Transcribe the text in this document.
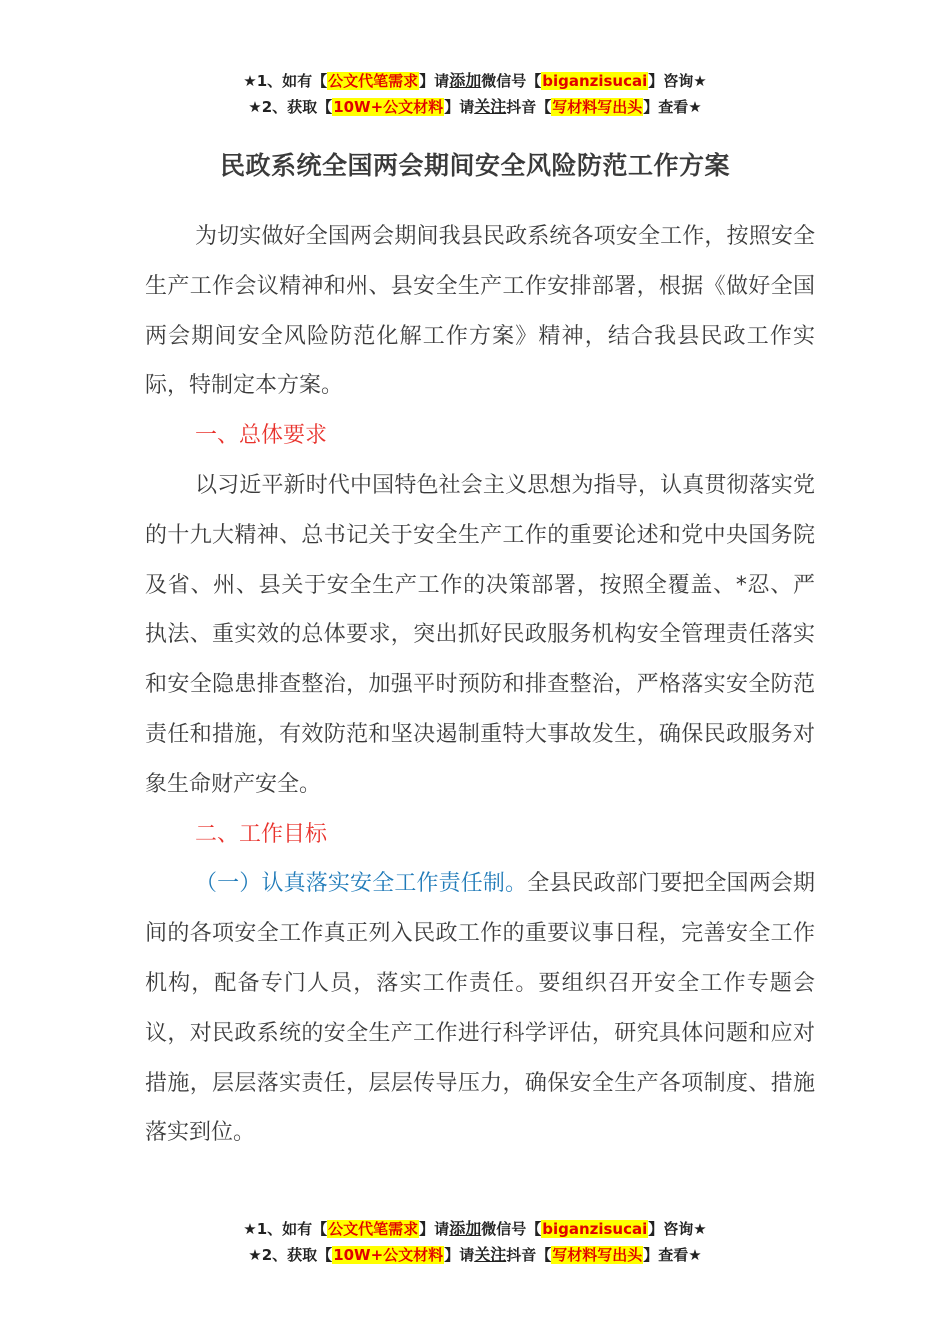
★1、如有【公文代笔需求】请添加微信号【biganzisucai】咨询★
★2、获取【10W+公文材料】请关注抖音【写材料写出头】查看★
民政系统全国两会期间安全风险防范工作方案

为切实做好全国两会期间我县民政系统各项安全工作，按照安全生产工作会议精神和州、县安全生产工作安排部署，根据《做好全国两会期间安全风险防范化解工作方案》精神，结合我县民政工作实际，特制定本方案。

一、总体要求

以习近平新时代中国特色社会主义思想为指导，认真贯彻落实党的十九大精神、总书记关于安全生产工作的重要论述和党中央国务院及省、州、县关于安全生产工作的决策部署，按照全覆盖、*忍、严执法、重实效的总体要求，突出抓好民政服务机构安全管理责任落实和安全隐患排查整治，加强平时预防和排查整治，严格落实安全防范责任和措施，有效防范和坚决遏制重特大事故发生，确保民政服务对象生命财产安全。

二、工作目标

（一）认真落实安全工作责任制。全县民政部门要把全国两会期间的各项安全工作真正列入民政工作的重要议事日程，完善安全工作机构，配备专门人员，落实工作责任。要组织召开安全工作专题会议，对民政系统的安全生产工作进行科学评估，研究具体问题和应对措施，层层落实责任，层层传导压力，确保安全生产各项制度、措施落实到位。

★1、如有【公文代笔需求】请添加微信号【biganzisucai】咨询★
★2、获取【10W+公文材料】请关注抖音【写材料写出头】查看★
